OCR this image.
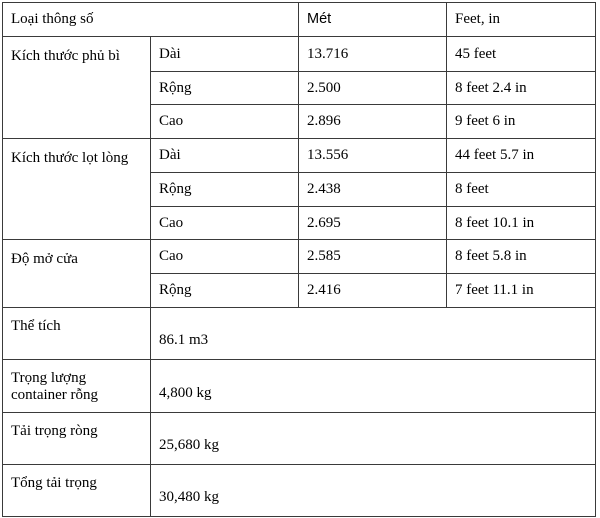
Loại thông số		Mét	Feet, in
Kích thước phủ bì	Dài	13.716	45 feet
	Rộng	2.500	8 feet 2.4 in
	Cao	2.896	9 feet 6 in
Kích thước lọt lòng	Dài	13.556	44 feet 5.7 in
	Rộng	2.438	8 feet
	Cao	2.695	8 feet 10.1 in
Độ mở cửa	Cao	2.585	8 feet 5.8 in
	Rộng	2.416	7 feet 11.1 in
Thể tích	86.1 m3		
Trọng lượng container rỗng	4,800 kg		
Tải trọng ròng	25,680 kg		
Tổng tải trọng	30,480 kg		
